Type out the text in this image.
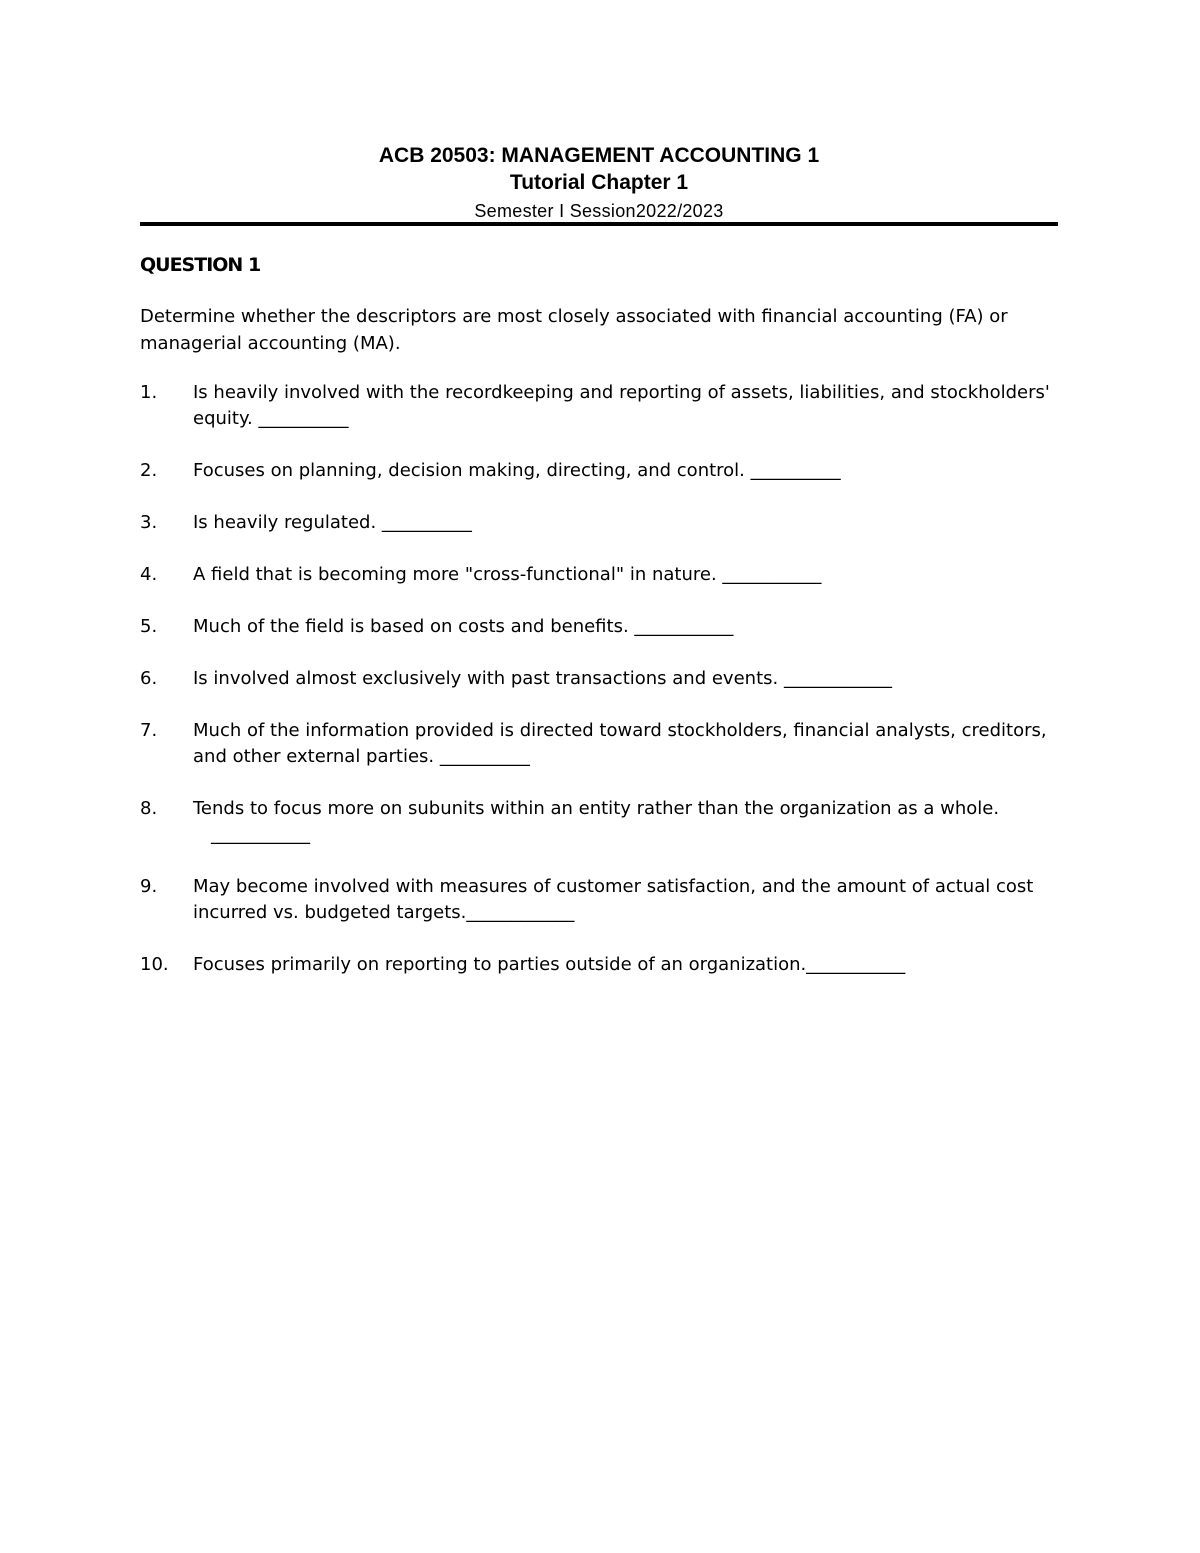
ACB 20503: MANAGEMENT ACCOUNTING 1
Tutorial Chapter 1
Semester I Session2022/2023
QUESTION 1
Determine whether the descriptors are most closely associated with financial accounting (FA) or managerial accounting (MA).
1. Is heavily involved with the recordkeeping and reporting of assets, liabilities, and stockholders' equity. __________
2. Focuses on planning, decision making, directing, and control. __________
3. Is heavily regulated. __________
4. A field that is becoming more "cross-functional" in nature. ___________
5. Much of the field is based on costs and benefits. ___________
6. Is involved almost exclusively with past transactions and events. ____________
7. Much of the information provided is directed toward stockholders, financial analysts, creditors, and other external parties. __________
8. Tends to focus more on subunits within an entity rather than the organization as a whole.
___________
9. May become involved with measures of customer satisfaction, and the amount of actual cost incurred vs. budgeted targets.____________
10. Focuses primarily on reporting to parties outside of an organization.___________
